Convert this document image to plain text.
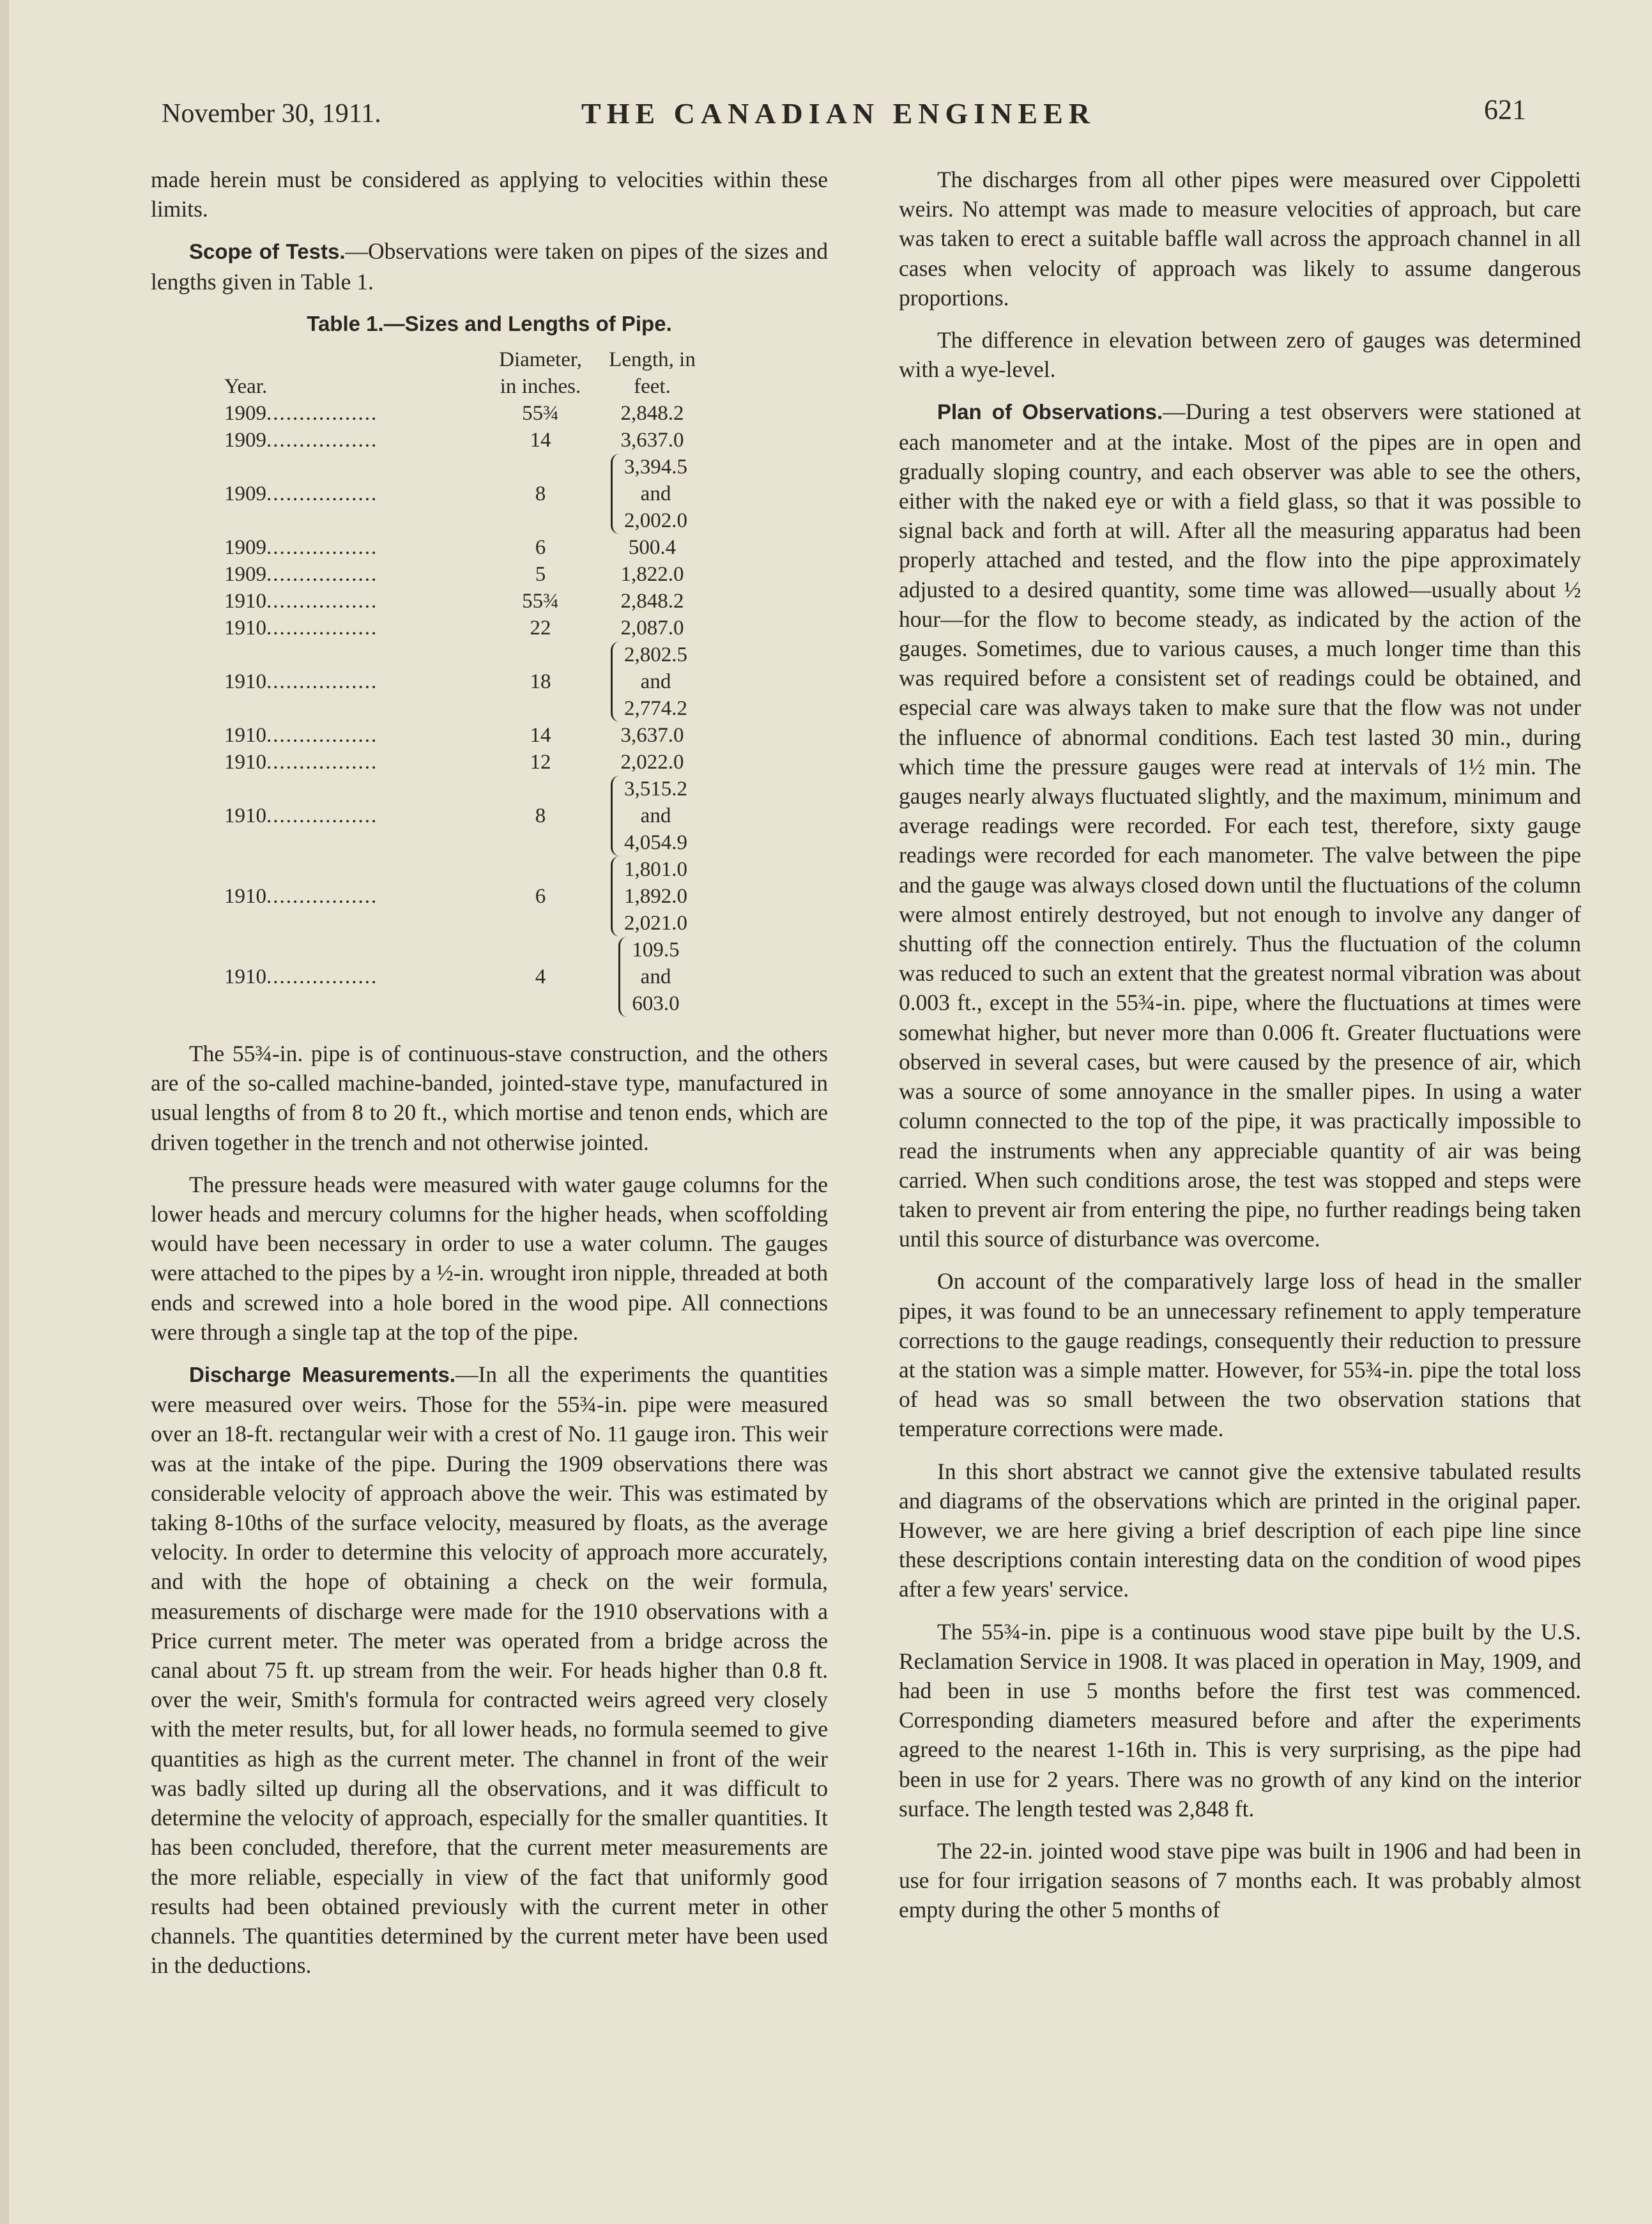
November 30, 1911.	THE CANADIAN ENGINEER	621

made herein must be considered as applying to velocities within these limits.

Scope of Tests.—Observations were taken on pipes of the sizes and lengths given in Table 1.

Table 1.—Sizes and Lengths of Pipe.
Year.	Diameter, in inches.	Length, in feet.
1909.................	55¾	2,848.2

1909.................	14	3,637.0

1909.................	8	3,394.5
and
2,002.0

1909.................	6	500.4

1909.................	5	1,822.0

1910.................	55¾	2,848.2

1910.................	22	2,087.0

1910.................	18	2,802.5
and
2,774.2

1910.................	14	3,637.0

1910.................	12	2,022.0

1910.................	8	3,515.2
and
4,054.9

1910.................	6	1,801.0
1,892.0
2,021.0

1910.................	4	109.5
and
603.0

The 55¾-in. pipe is of continuous-stave construction, and the others are of the so-called machine-banded, jointed-stave type, manufactured in usual lengths of from 8 to 20 ft., which mortise and tenon ends, which are driven together in the trench and not otherwise jointed.

The pressure heads were measured with water gauge columns for the lower heads and mercury columns for the higher heads, when scoffolding would have been necessary in order to use a water column. The gauges were attached to the pipes by a ½-in. wrought iron nipple, threaded at both ends and screwed into a hole bored in the wood pipe. All connections were through a single tap at the top of the pipe.

Discharge Measurements.—In all the experiments the quantities were measured over weirs. Those for the 55¾-in. pipe were measured over an 18-ft. rectangular weir with a crest of No. 11 gauge iron. This weir was at the intake of the pipe. During the 1909 observations there was considerable velocity of approach above the weir. This was estimated by taking 8-10ths of the surface velocity, measured by floats, as the average velocity. In order to determine this velocity of approach more accurately, and with the hope of obtaining a check on the weir formula, measurements of discharge were made for the 1910 observations with a Price current meter. The meter was operated from a bridge across the canal about 75 ft. up stream from the weir. For heads higher than 0.8 ft. over the weir, Smith's formula for contracted weirs agreed very closely with the meter results, but, for all lower heads, no formula seemed to give quantities as high as the current meter. The channel in front of the weir was badly silted up during all the observations, and it was difficult to determine the velocity of approach, especially for the smaller quantities. It has been concluded, therefore, that the current meter measurements are the more reliable, especially in view of the fact that uniformly good results had been obtained previously with the current meter in other channels. The quantities determined by the current meter have been used in the deductions.

The discharges from all other pipes were measured over Cippoletti weirs. No attempt was made to measure velocities of approach, but care was taken to erect a suitable baffle wall across the approach channel in all cases when velocity of approach was likely to assume dangerous proportions.

The difference in elevation between zero of gauges was determined with a wye-level.

Plan of Observations.—During a test observers were stationed at each manometer and at the intake. Most of the pipes are in open and gradually sloping country, and each observer was able to see the others, either with the naked eye or with a field glass, so that it was possible to signal back and forth at will. After all the measuring apparatus had been properly attached and tested, and the flow into the pipe approximately adjusted to a desired quantity, some time was allowed—usually about ½ hour—for the flow to become steady, as indicated by the action of the gauges. Sometimes, due to various causes, a much longer time than this was required before a consistent set of readings could be obtained, and especial care was always taken to make sure that the flow was not under the influence of abnormal conditions. Each test lasted 30 min., during which time the pressure gauges were read at intervals of 1½ min. The gauges nearly always fluctuated slightly, and the maximum, minimum and average readings were recorded. For each test, therefore, sixty gauge readings were recorded for each manometer. The valve between the pipe and the gauge was always closed down until the fluctuations of the column were almost entirely destroyed, but not enough to involve any danger of shutting off the connection entirely. Thus the fluctuation of the column was reduced to such an extent that the greatest normal vibration was about 0.003 ft., except in the 55¾-in. pipe, where the fluctuations at times were somewhat higher, but never more than 0.006 ft. Greater fluctuations were observed in several cases, but were caused by the presence of air, which was a source of some annoyance in the smaller pipes. In using a water column connected to the top of the pipe, it was practically impossible to read the instruments when any appreciable quantity of air was being carried. When such conditions arose, the test was stopped and steps were taken to prevent air from entering the pipe, no further readings being taken until this source of disturbance was overcome.

On account of the comparatively large loss of head in the smaller pipes, it was found to be an unnecessary refinement to apply temperature corrections to the gauge readings, consequently their reduction to pressure at the station was a simple matter. However, for 55¾-in. pipe the total loss of head was so small between the two observation stations that temperature corrections were made.

In this short abstract we cannot give the extensive tabulated results and diagrams of the observations which are printed in the original paper. However, we are here giving a brief description of each pipe line since these descriptions contain interesting data on the condition of wood pipes after a few years' service.

The 55¾-in. pipe is a continuous wood stave pipe built by the U.S. Reclamation Service in 1908. It was placed in operation in May, 1909, and had been in use 5 months before the first test was commenced. Corresponding diameters measured before and after the experiments agreed to the nearest 1-16th in. This is very surprising, as the pipe had been in use for 2 years. There was no growth of any kind on the interior surface. The length tested was 2,848 ft.

The 22-in. jointed wood stave pipe was built in 1906 and had been in use for four irrigation seasons of 7 months each. It was probably almost empty during the other 5 months of
